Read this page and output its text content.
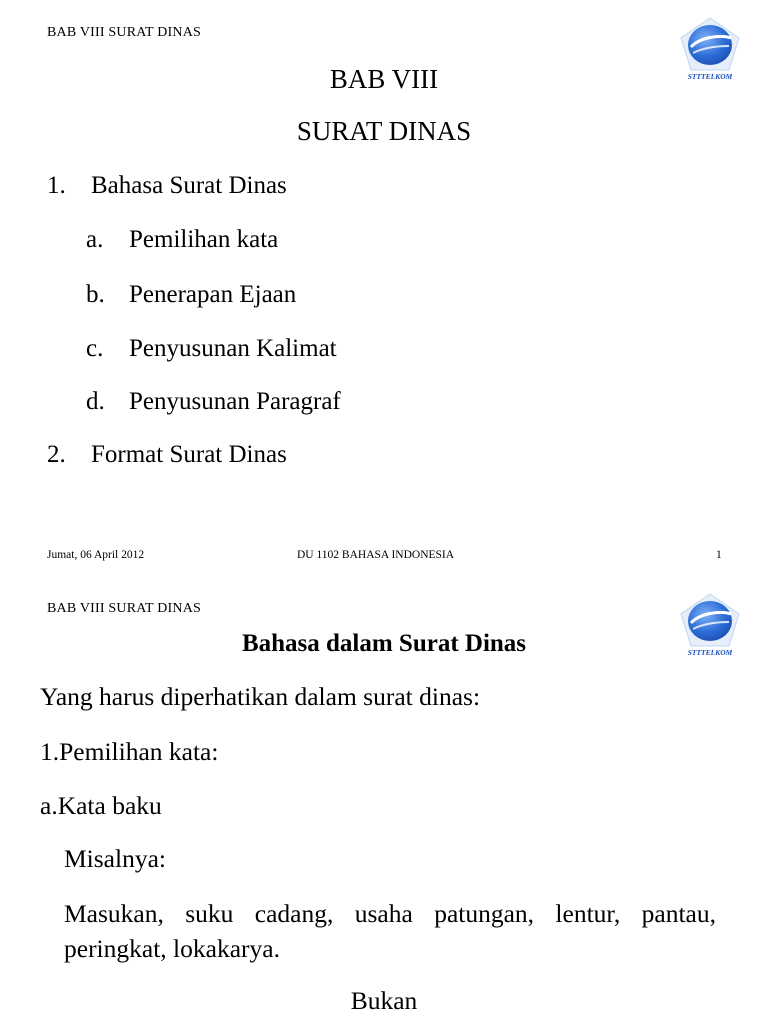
BAB VIII SURAT DINAS
STTTELKOM
BAB VIII
SURAT DINAS
1. Bahasa Surat Dinas
a. Pemilihan kata
b. Penerapan Ejaan
c. Penyusunan Kalimat
d. Penyusunan Paragraf
2. Format Surat Dinas
Jumat, 06 April 2012	DU 1102 BAHASA INDONESIA	1
BAB VIII SURAT DINAS
STTTELKOM
Bahasa dalam Surat Dinas
Yang harus diperhatikan dalam surat dinas:
1.Pemilihan kata:
a.Kata baku
Misalnya:
Masukan, suku cadang, usaha patungan, lentur, pantau, peringkat, lokakarya.
Bukan
